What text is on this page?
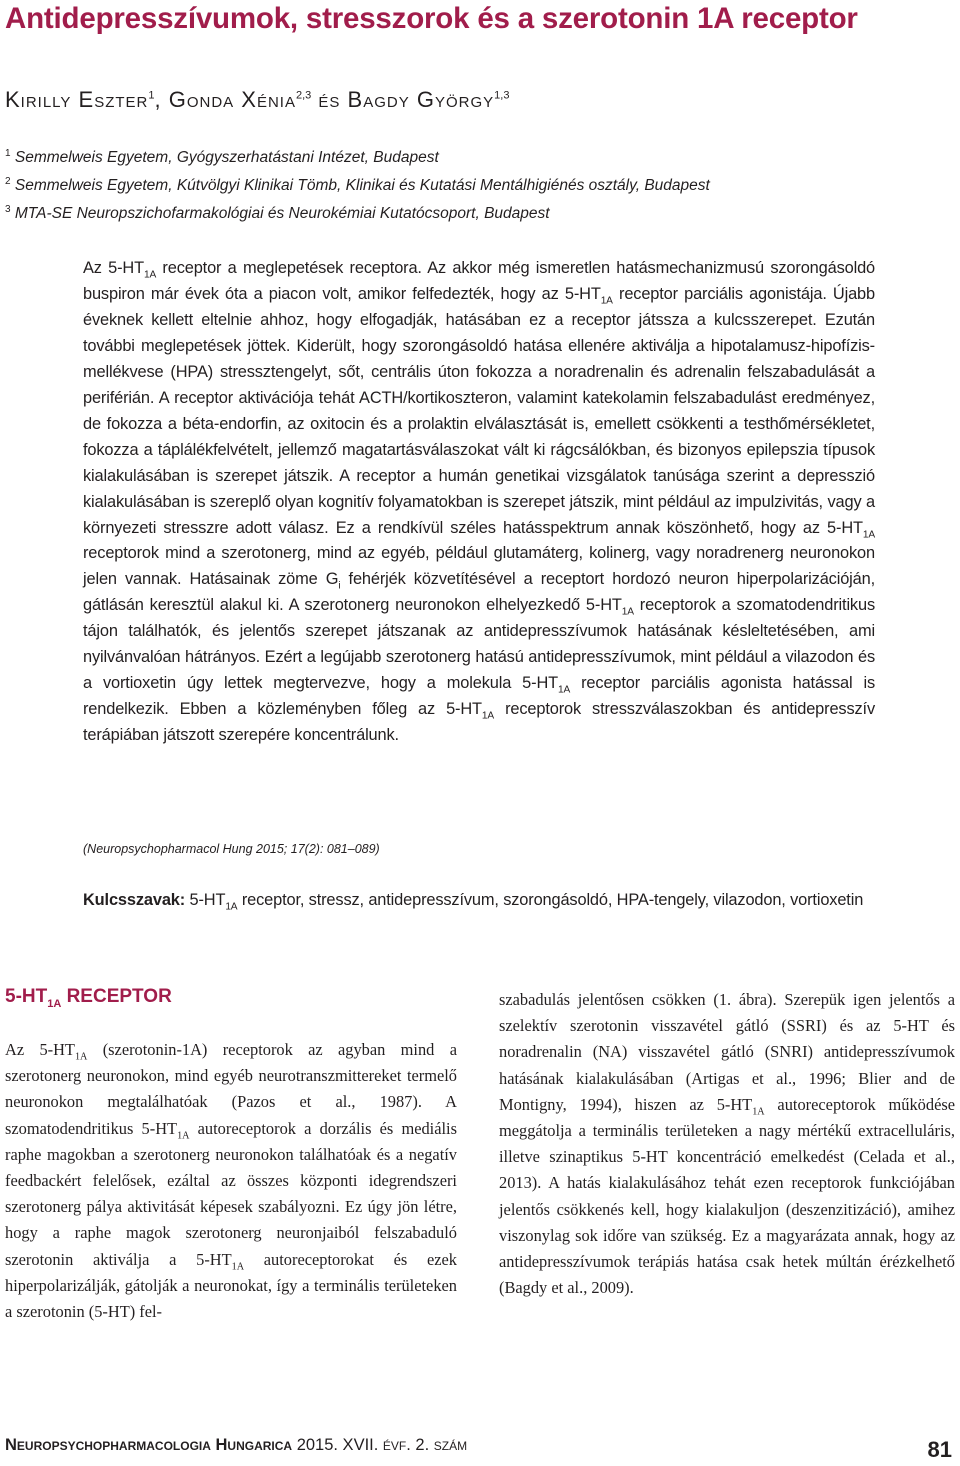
Antidepresszívumok, stresszorok és a szerotonin 1A receptor
Kirilly Eszter$^1$, Gonda Xénia$^{2,3}$ és Bagdy György$^{1,3}$
$^1$ Semmelweis Egyetem, Gyógyszerhatástani Intézet, Budapest
$^2$ Semmelweis Egyetem, Kútvölgyi Klinikai Tömb, Klinikai és Kutatási Mentálhigiénés osztály, Budapest
$^3$ MTA-SE Neuropszichofarmakológiai és Neurokémiai Kutatócsoport, Budapest

Az $5-HT_{1A}$ receptor a meglepetések receptora. Az akkor még ismeretlen hatásmechanizmusú szorongásoldó buspiron már évek óta a piacon volt, amikor felfedezték, hogy az $5-HT_{1A}$ receptor parciális agonistája. Újabb éveknek kellett eltelnie ahhoz, hogy elfogadják, hatásában ez a receptor játssza a kulcsszerepet. Ezután további meglepetések jöttek. Kiderült, hogy szorongásoldó hatása ellenére aktiválja a hipotalamusz-hipofízis-mellékvese (HPA) stressztengelyt, sőt, centrális úton fokozza a noradrenalin és adrenalin felszabadulását a periférián. A receptor aktivációja tehát ACTH/kortikoszteron, valamint katekolamin felszabadulást eredményez, de fokozza a béta-endorfin, az oxitocin és a prolaktin elválasztását is, emellett csökkenti a testhőmérsékletet, fokozza a táplálékfelvételt, jellemző magatartásválaszokat vált ki rágcsálókban, és bizonyos epilepszia típusok kialakulásában is szerepet játszik. A receptor a humán genetikai vizsgálatok tanúsága szerint a depresszió kialakulásában is szereplő olyan kognitív folyamatokban is szerepet játszik, mint például az impulzivitás, vagy a környezeti stresszre adott válasz. Ez a rendkívül széles hatásspektrum annak köszönhető, hogy az $5-HT_{1A}$ receptorok mind a szerotonerg, mind az egyéb, például glutamáterg, kolinerg, vagy noradrenerg neuronokon jelen vannak. Hatásainak zöme $G_i$ fehérjék közvetítésével a receptort hordozó neuron hiperpolarizációján, gátlásán keresztül alakul ki. A szerotonerg neuronokon elhelyezkedő $5-HT_{1A}$ receptorok a szomatodendritikus tájon találhatók, és jelentős szerepet játszanak az antidepresszívumok hatásának késleltetésében, ami nyilvánvalóan hátrányos. Ezért a legújabb szerotonerg hatású antidepresszívumok, mint például a vilazodon és a vortioxetin úgy lettek megtervezve, hogy a molekula $5-HT_{1A}$ receptor parciális agonista hatással is rendelkezik. Ebben a közleményben főleg az $5-HT_{1A}$ receptorok stresszválaszokban és antidepresszív terápiában játszott szerepére koncentrálunk.

(Neuropsychopharmacol Hung 2015; 17(2): 081–089)
Kulcsszavak: $5-HT_{1A}$ receptor, stressz, antidepresszívum, szorongásoldó, HPA-tengely, vilazodon, vortioxetin
$5-HT_{1A}$ RECEPTOR

Az $5-HT_{1A}$ (szerotonin-1A) receptorok az agyban mind a szerotonerg neuronokon, mind egyéb neurotranszmittereket termelő neuronokon megtalálhatóak (Pazos et al., 1987). A szomatodendritikus $5-HT_{1A}$ autoreceptorok a dorzális és mediális raphe magokban a szerotonerg neuronokon találhatóak és a negatív feedbackért felelősek, ezáltal az összes központi idegrendszeri szerotonerg pálya aktivitását képesek szabályozni. Ez úgy jön létre, hogy a raphe magok szerotonerg neuronjaiból felszabaduló szerotonin aktiválja a $5-HT_{1A}$ autoreceptorokat és ezek hiperpolarizálják, gátolják a neuronokat, így a terminális területeken a szerotonin (5-HT) fel-

szabadulás jelentősen csökken (1. ábra). Szerepük igen jelentős a szelektív szerotonin visszavétel gátló (SSRI) és az 5-HT és noradrenalin (NA) visszavétel gátló (SNRI) antidepresszívumok hatásának kialakulásában (Artigas et al., 1996; Blier and de Montigny, 1994), hiszen az $5-HT_{1A}$ autoreceptorok működése meggátolja a terminális területeken a nagy mértékű extracelluláris, illetve szinaptikus 5-HT koncentráció emelkedést (Celada et al., 2013). A hatás kialakulásához tehát ezen receptorok funkciójában jelentős csökkenés kell, hogy kialakuljon (deszenzitizáció), amihez viszonylag sok időre van szükség. Ez a magyarázata annak, hogy az antidepresszívumok terápiás hatása csak hetek múltán érézkelhető (Bagdy et al., 2009).

Neuropsychopharmacologia Hungarica 2015. XVII. évf. 2. szám	81
